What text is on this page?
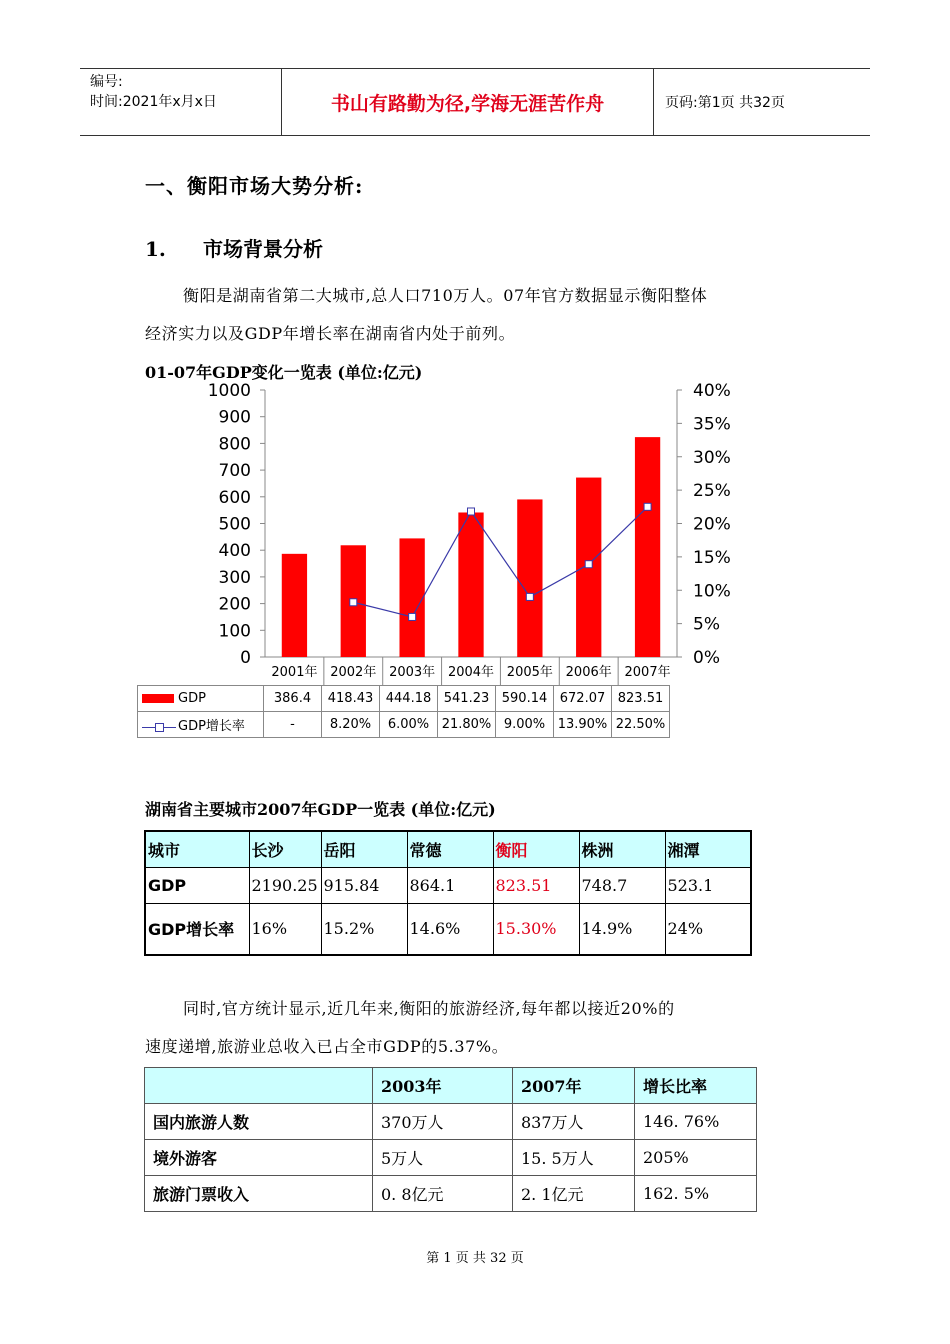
编号:
时间:2021年x月x日	书山有路勤为径,学海无涯苦作舟	页码:第1页 共32页
一、衡阳市场大势分析:
1. 市场背景分析
衡阳是湖南省第二大城市,总人口710万人。07年官方数据显示衡阳整体
经济实力以及GDP年增长率在湖南省内处于前列。
01-07年GDP变化一览表 (单位:亿元)
0
100
200
300
400
500
600
700
800
900
1000
0%
5%
10%
15%
20%
25%
30%
35%
40%
2001年 2002年 2003年 2004年 2005年 2006年 2007年
GDP	386.4	418.43	444.18	541.23	590.14	672.07	823.51
GDP增长率	-	8.20%	6.00%	21.80%	9.00%	13.90%	22.50%
湖南省主要城市2007年GDP一览表 (单位:亿元)
城市	长沙	岳阳	常德	衡阳	株洲	湘潭
GDP	2190.25	915.84	864.1	823.51	748.7	523.1
GDP增长率	16%	15.2%	14.6%	15.30%	14.9%	24%
同时,官方统计显示,近几年来,衡阳的旅游经济,每年都以接近20%的
速度递增,旅游业总收入已占全市GDP的5.37%。
	2003年	2007年	增长比率
国内旅游人数	370万人	837万人	146. 76%
境外游客	5万人	15. 5万人	205%
旅游门票收入	0. 8亿元	2. 1亿元	162. 5%
第 1 页 共 32 页
